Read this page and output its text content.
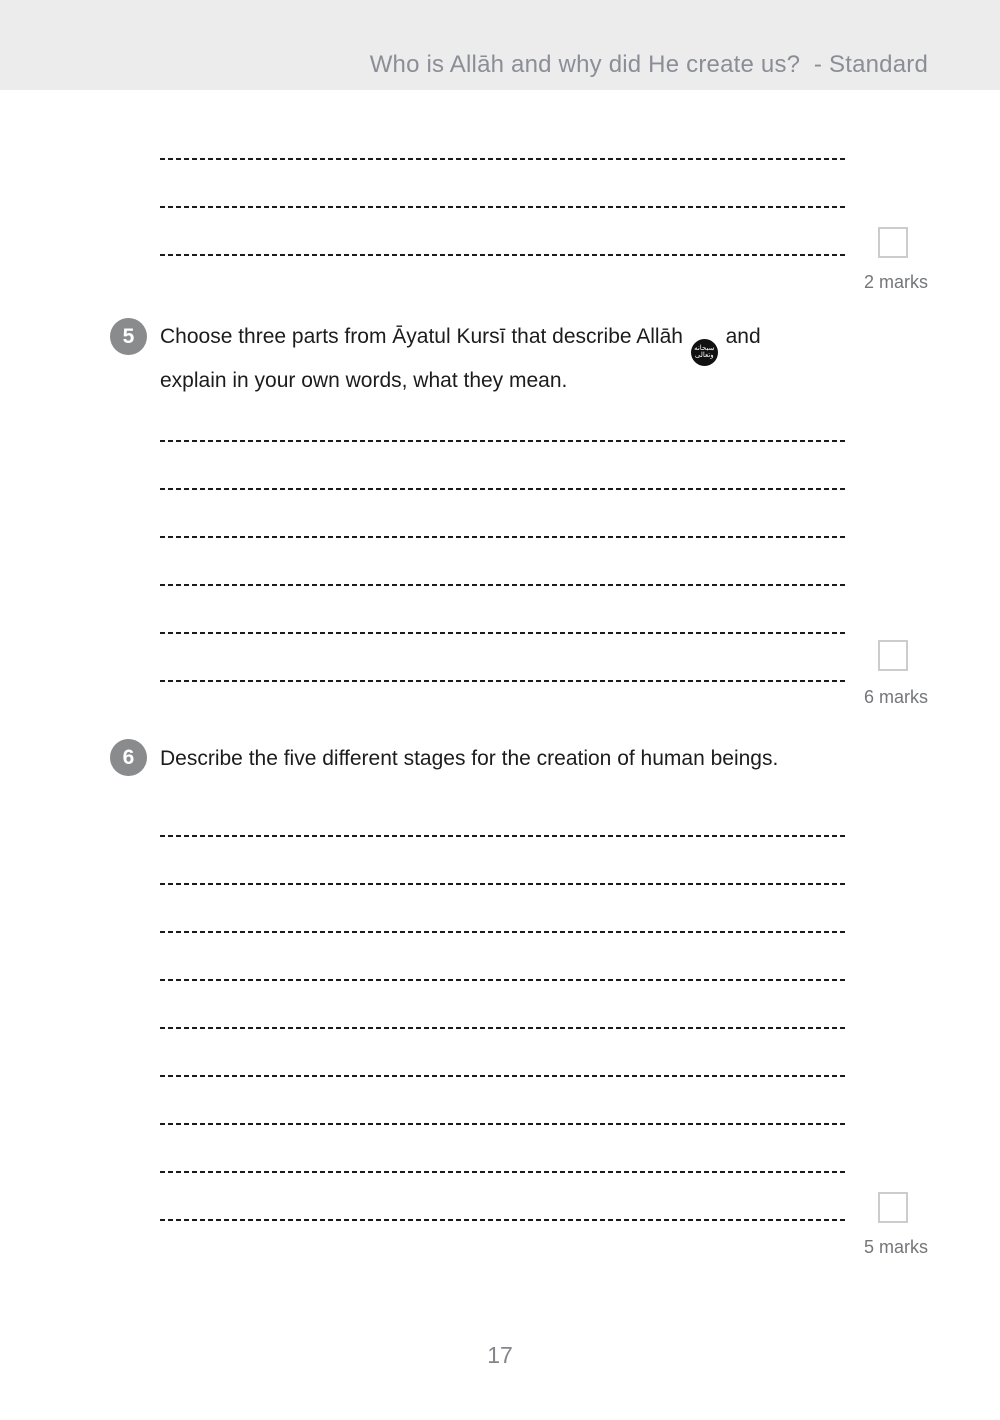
Who is Allāh and why did He create us?  - Standard
2 marks
5 Choose three parts from Āyatul Kursī that describe Allāh
سبحانه
وتعالى
and
explain in your own words, what they mean.
6 marks
6 Describe the five different stages for the creation of human beings.
5 marks
17
